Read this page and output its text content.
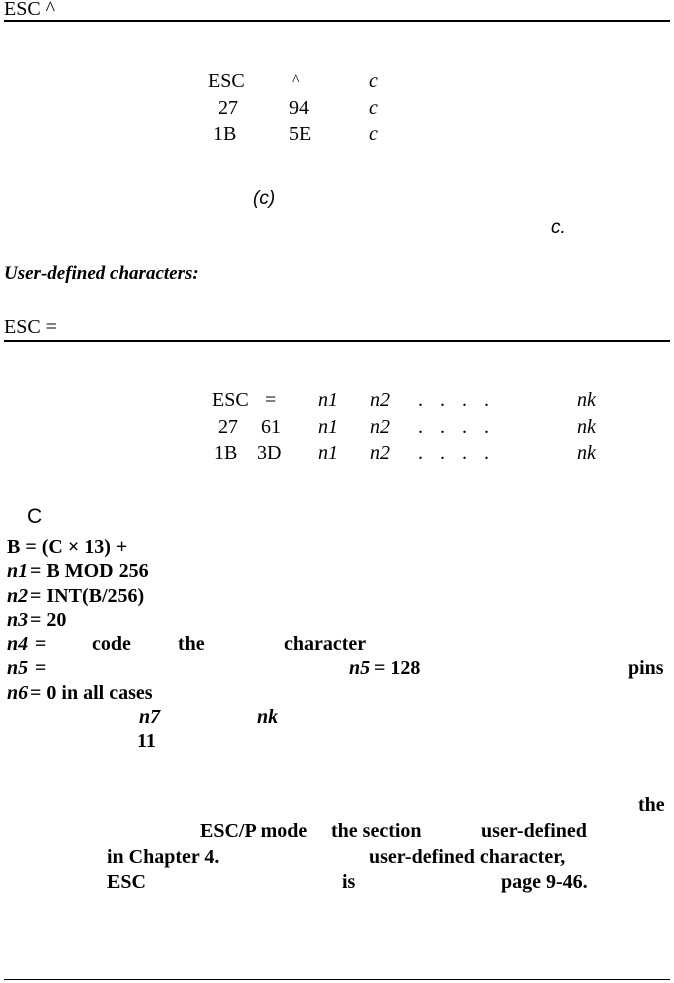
ESC ^
ESC	^	c
27	94	c
1B	5E	c
(c)
c.
User-defined characters:
ESC =
ESC = n1 n2 . . . .	nk
27 61 n1 n2 . . . .	nk
1B 3D n1 n2 . . . .	nk
C
B = (C × 13) +
n1 = B MOD 256
n2 = INT(B/256)
n3 = 20
n4 = code the	character
n5 =	n5 = 128	pins
n6 = 0 in all cases
n7	nk
11
the
ESC/P mode the section	user-defined
in Chapter 4.	user-defined character,
ESC	is	page 9-46.
